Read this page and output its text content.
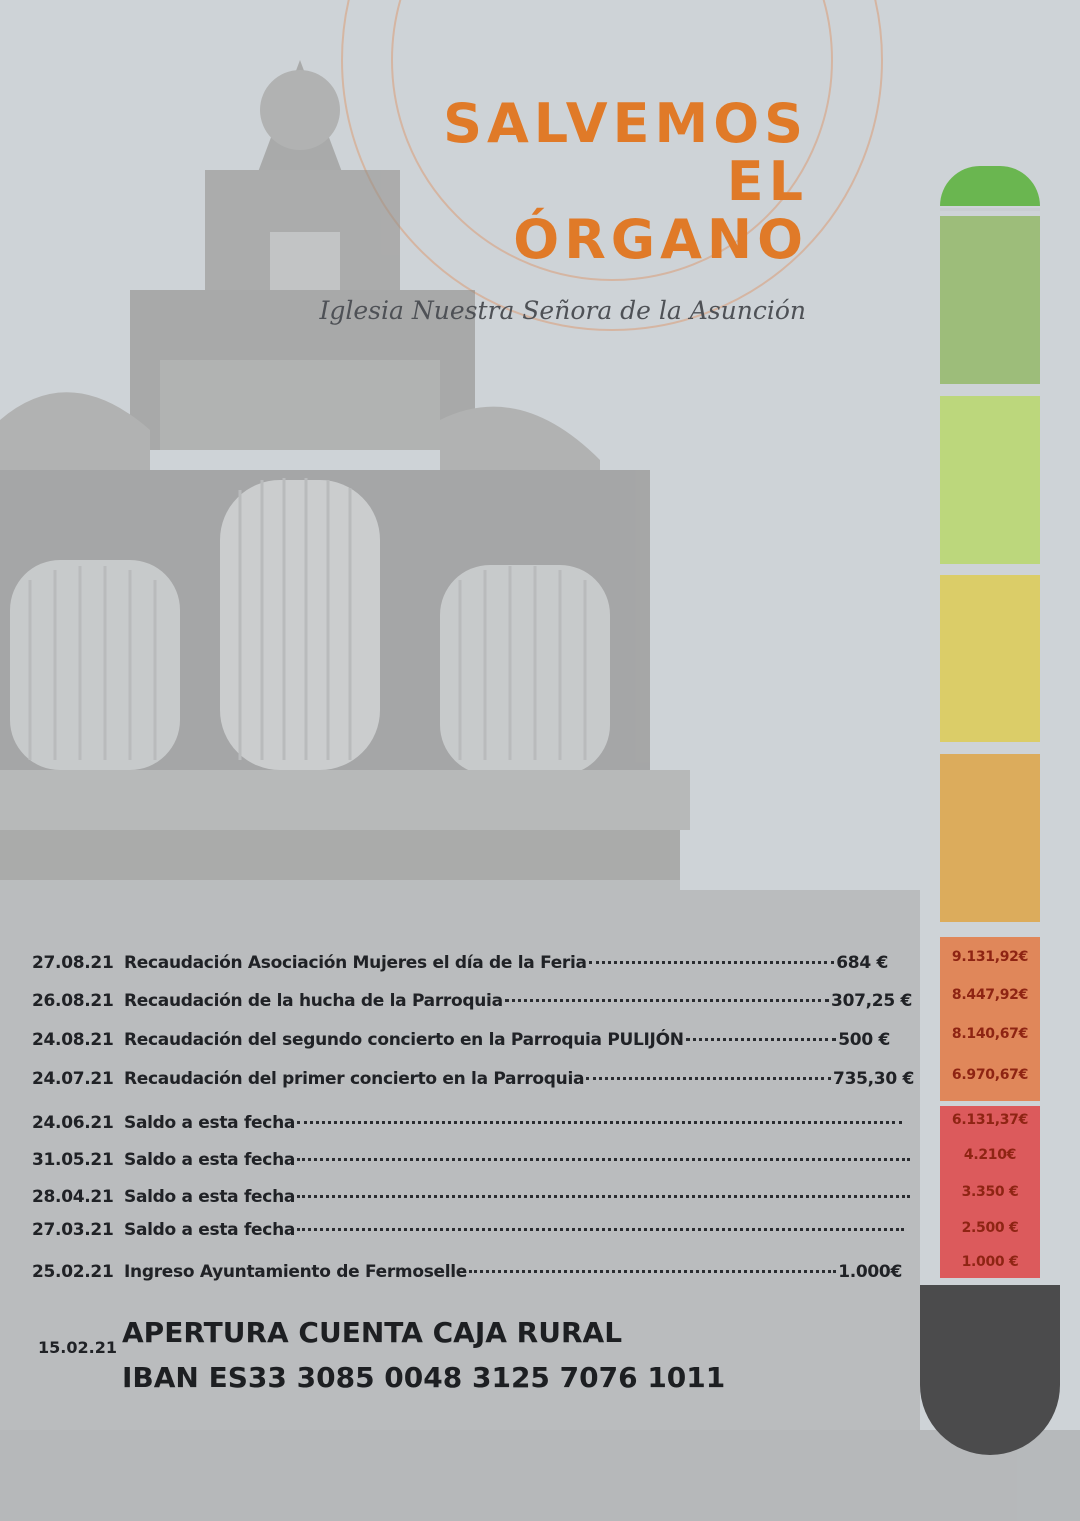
SALVEMOS
EL
ÓRGANO
Iglesia Nuestra Señora de la Asunción
9.131,92€
8.447,92€
8.140,67€
6.970,67€
6.131,37€
4.210€
3.350 €
2.500 €
1.000 €
27.08.21 Recaudación Asociación Mujeres el día de la Feria	684 €
26.08.21 Recaudación de la hucha de la Parroquia	307,25 €
24.08.21 Recaudación del segundo concierto en la Parroquia PULIJÓN	500 €
24.07.21 Recaudación del primer concierto en la Parroquia	735,30 €
24.06.21 Saldo a esta fecha
31.05.21 Saldo a esta fecha
28.04.21 Saldo a esta fecha
27.03.21 Saldo a esta fecha
25.02.21 Ingreso Ayuntamiento de Fermoselle	1.000€
15.02.21 APERTURA CUENTA CAJA RURAL
IBAN ES33 3085 0048 3125 7076 1011
